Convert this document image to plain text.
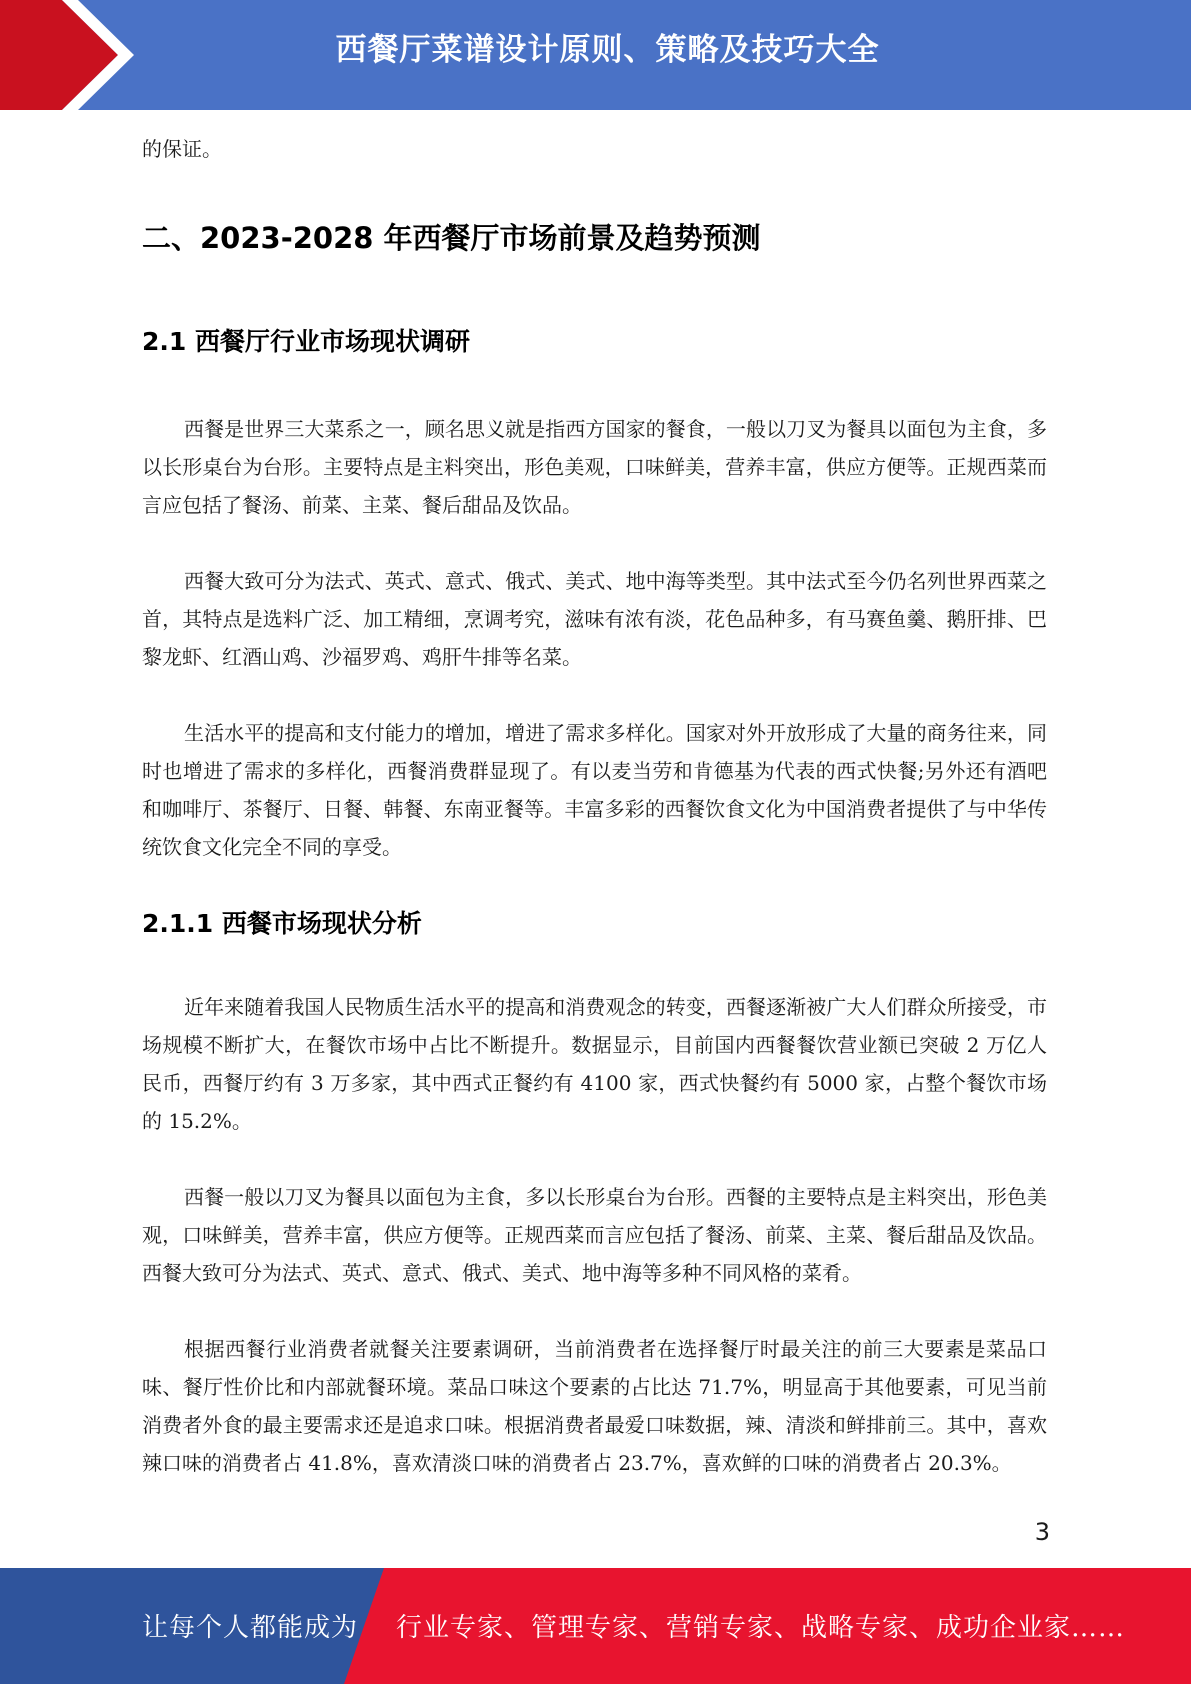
西餐厅菜谱设计原则、策略及技巧大全

的保证。

二、2023-2028 年西餐厅市场前景及趋势预测
2.1 西餐厅行业市场现状调研

西餐是世界三大菜系之一，顾名思义就是指西方国家的餐食，一般以刀叉为餐具以面包为主食，多以长形桌台为台形。主要特点是主料突出，形色美观，口味鲜美，营养丰富，供应方便等。正规西菜而言应包括了餐汤、前菜、主菜、餐后甜品及饮品。

西餐大致可分为法式、英式、意式、俄式、美式、地中海等类型。其中法式至今仍名列世界西菜之首，其特点是选料广泛、加工精细，烹调考究，滋味有浓有淡，花色品种多，有马赛鱼羹、鹅肝排、巴黎龙虾、红酒山鸡、沙福罗鸡、鸡肝牛排等名菜。

生活水平的提高和支付能力的增加，增进了需求多样化。国家对外开放形成了大量的商务往来，同时也增进了需求的多样化，西餐消费群显现了。有以麦当劳和肯德基为代表的西式快餐;另外还有酒吧和咖啡厅、茶餐厅、日餐、韩餐、东南亚餐等。丰富多彩的西餐饮食文化为中国消费者提供了与中华传统饮食文化完全不同的享受。

2.1.1 西餐市场现状分析

近年来随着我国人民物质生活水平的提高和消费观念的转变，西餐逐渐被广大人们群众所接受，市场规模不断扩大，在餐饮市场中占比不断提升。数据显示，目前国内西餐餐饮营业额已突破 2 万亿人民币，西餐厅约有 3 万多家，其中西式正餐约有 4100 家，西式快餐约有 5000 家，占整个餐饮市场的 15.2%。

西餐一般以刀叉为餐具以面包为主食，多以长形桌台为台形。西餐的主要特点是主料突出，形色美观，口味鲜美，营养丰富，供应方便等。正规西菜而言应包括了餐汤、前菜、主菜、餐后甜品及饮品。西餐大致可分为法式、英式、意式、俄式、美式、地中海等多种不同风格的菜肴。

根据西餐行业消费者就餐关注要素调研，当前消费者在选择餐厅时最关注的前三大要素是菜品口味、餐厅性价比和内部就餐环境。菜品口味这个要素的占比达 71.7%，明显高于其他要素，可见当前消费者外食的最主要需求还是追求口味。根据消费者最爱口味数据，辣、清淡和鲜排前三。其中，喜欢辣口味的消费者占 41.8%，喜欢清淡口味的消费者占 23.7%，喜欢鲜的口味的消费者占 20.3%。

3
让每个人都能成为 行业专家、管理专家、营销专家、战略专家、成功企业家……
